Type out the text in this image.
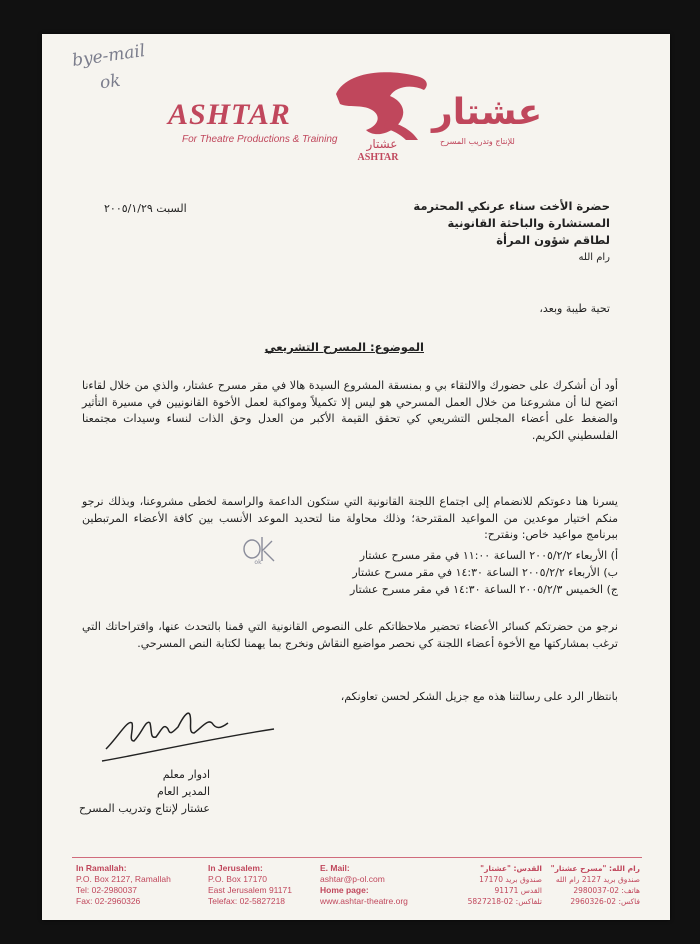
bye-mail
ok
ASHTAR
For Theatre Productions & Training عشتار
ASHTAR
عشتار
للإنتاج وتدريب المسرح
السبت ٢٠٠٥/١/٢٩	حضرة الأخت سناء عرنكي المحترمة
المستشارة والباحثة القانونية
لطاقم شؤون المرأة
رام الله
تحية طيبة وبعد،
الموضوع: المسرح التشريعي
أود أن أشكرك على حضورك والالتقاء بي و بمنسقة المشروع السيدة هالا في مقر مسرح عشتار، والذي من خلال لقاءنا اتضح لنا أن مشروعنا من خلال العمل المسرحي هو ليس إلا تكميلاً ومواكبة لعمل الأخوة القانونيين في مسيرة التأثير والضغط على أعضاء المجلس التشريعي كي تحقق القيمة الأكبر من العدل وحق الذات لنساء وسيدات مجتمعنا الفلسطيني الكريم.
يسرنا هنا دعوتكم للانضمام إلى اجتماع اللجنة القانونية التي ستكون الداعمة والراسمة لخطى مشروعنا، وبذلك نرجو منكم اختيار موعدين من المواعيد المقترحة؛ وذلك محاولة منا لتحديد الموعد الأنسب بين كافة الأعضاء المرتبطين ببرنامج مواعيد خاص: ونقترح:
أ) الأربعاء ٢٠٠٥/٢/٢ الساعة ١١:٠٠ في مقر مسرح عشتار
ب) الأربعاء ٢٠٠٥/٢/٢ الساعة ١٤:٣٠ في مقر مسرح عشتار
ج) الخميس ٢٠٠٥/٢/٣ الساعة ١٤:٣٠ في مقر مسرح عشتار
ok
نرجو من حضرتكم كسائر الأعضاء تحضير ملاحظاتكم على النصوص القانونية التي قمنا بالتحدث عنها، واقتراحاتك التي ترغب بمشاركتها مع الأخوة أعضاء اللجنة كي نحصر مواضيع النقاش ونخرج بما يهمنا لكتابة النص المسرحي.
بانتظار الرد على رسالتنا هذه مع جزيل الشكر لحسن تعاونكم،
ادوار معلم
المدير العام
عشتار لإنتاج وتدريب المسرح
In Ramallah:
P.O. Box 2127, Ramallah
Tel: 02-2980037
Fax: 02-2960326
In Jerusalem:
P.O. Box 17170
East Jerusalem 91171
Telefax: 02-5827218
E. Mail:
ashtar@p-ol.com
Home page:
www.ashtar-theatre.org
القدس: "عشتار"
صندوق بريد 17170
القدس 91171
تلفاكس: 02-5827218
رام الله: "مسرح عشتار"
صندوق بريد 2127 رام الله
هاتف: 02-2980037
فاكس: 02-2960326
